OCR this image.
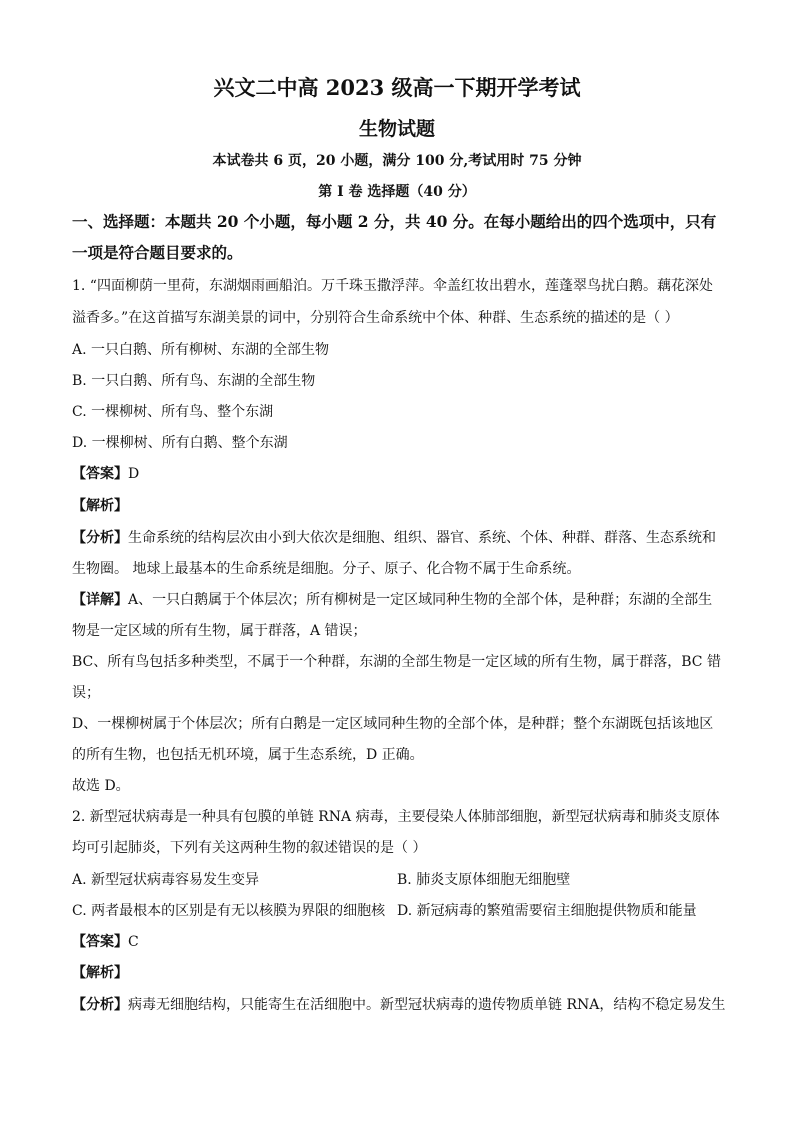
兴文二中高 2023 级高一下期开学考试
生物试题
本试卷共 6 页，20 小题，满分 100 分,考试用时 75 分钟
第 I 卷 选择题（40 分）
一、选择题：本题共 20 个小题，每小题 2 分，共 40 分。在每小题给出的四个选项中，只有
一项是符合题目要求的。
1. “四面柳荫一里荷，东湖烟雨画船泊。万千珠玉撒浮萍。伞盖红妆出碧水，莲蓬翠鸟扰白鹅。藕花深处
溢香多。”在这首描写东湖美景的词中，分别符合生命系统中个体、种群、生态系统的描述的是（ ）
A. 一只白鹅、所有柳树、东湖的全部生物
B. 一只白鹅、所有鸟、东湖的全部生物
C. 一棵柳树、所有鸟、整个东湖
D. 一棵柳树、所有白鹅、整个东湖
【答案】D
【解析】
【分析】生命系统的结构层次由小到大依次是细胞、组织、器官、系统、个体、种群、群落、生态系统和
生物圈。 地球上最基本的生命系统是细胞。分子、原子、化合物不属于生命系统。
【详解】A、一只白鹅属于个体层次；所有柳树是一定区域同种生物的全部个体，是种群；东湖的全部生
物是一定区域的所有生物，属于群落，A 错误；
BC、所有鸟包括多种类型，不属于一个种群，东湖的全部生物是一定区域的所有生物，属于群落，BC 错
误；
D、一棵柳树属于个体层次；所有白鹅是一定区域同种生物的全部个体，是种群；整个东湖既包括该地区
的所有生物，也包括无机环境，属于生态系统，D 正确。
故选 D。
2. 新型冠状病毒是一种具有包膜的单链 RNA 病毒，主要侵染人体肺部细胞，新型冠状病毒和肺炎支原体
均可引起肺炎，下列有关这两种生物的叙述错误的是（ ）
A. 新型冠状病毒容易发生变异	B. 肺炎支原体细胞无细胞壁
C. 两者最根本的区别是有无以核膜为界限的细胞核 D. 新冠病毒的繁殖需要宿主细胞提供物质和能量
【答案】C
【解析】
【分析】病毒无细胞结构，只能寄生在活细胞中。新型冠状病毒的遗传物质单链 RNA，结构不稳定易发生
